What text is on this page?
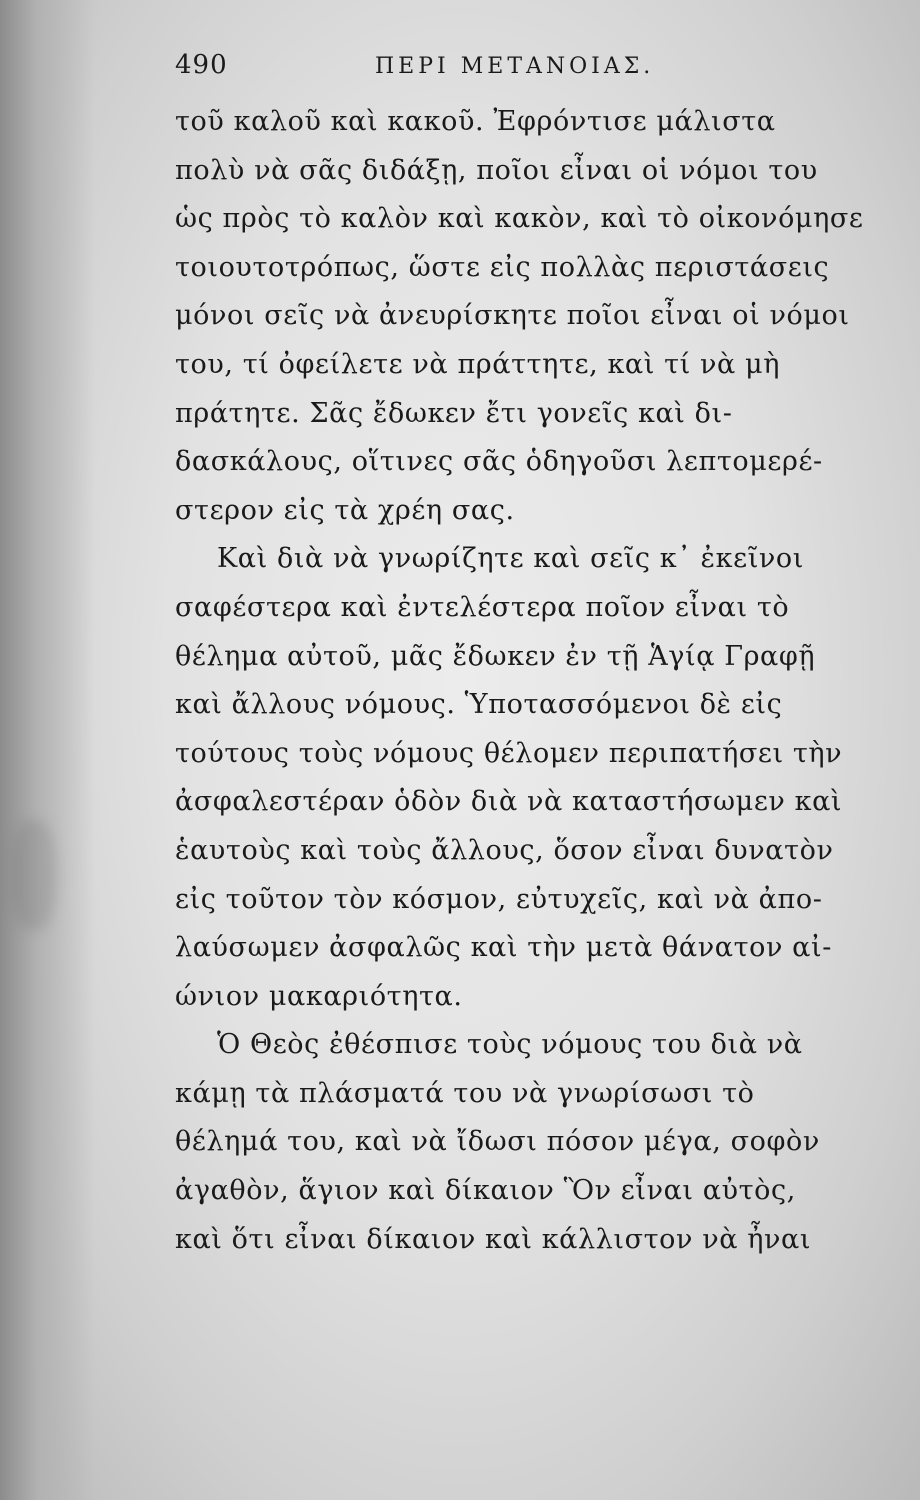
490	ΠΕΡΙ ΜΕΤΑΝΟΙΑΣ.

τοῦ καλοῦ καὶ κακοῦ. Ἐφρόντισε μάλιστα
πολὺ νὰ σᾶς διδάξῃ, ποῖοι εἶναι οἱ νόμοι του
ὡς πρὸς τὸ καλὸν καὶ κακὸν, καὶ τὸ οἰκονόμησε
τοιουτοτρόπως, ὥστε εἰς πολλὰς περιστάσεις
μόνοι σεῖς νὰ ἀνευρίσκητε ποῖοι εἶναι οἱ νόμοι
του, τί ὀφείλετε νὰ πράττητε, καὶ τί νὰ μὴ
πράτητε. Σᾶς ἔδωκεν ἔτι γονεῖς καὶ δι-
δασκάλους, οἵτινες σᾶς ὁδηγοῦσι λεπτομερέ-
στερον εἰς τὰ χρέη σας.

Καὶ διὰ νὰ γνωρίζητε καὶ σεῖς κ᾿ ἐκεῖνοι
σαφέστερα καὶ ἐντελέστερα ποῖον εἶναι τὸ
θέλημα αὐτοῦ, μᾶς ἔδωκεν ἐν τῇ Ἁγίᾳ Γραφῇ
καὶ ἄλλους νόμους. Ὑποτασσόμενοι δὲ εἰς
τούτους τοὺς νόμους θέλομεν περιπατήσει τὴν
ἀσφαλεστέραν ὁδὸν διὰ νὰ καταστήσωμεν καὶ
ἑαυτοὺς καὶ τοὺς ἄλλους, ὅσον εἶναι δυνατὸν
εἰς τοῦτον τὸν κόσμον, εὐτυχεῖς, καὶ νὰ ἀπο-
λαύσωμεν ἀσφαλῶς καὶ τὴν μετὰ θάνατον αἰ-
ώνιον μακαριότητα.

Ὁ Θεὸς ἐθέσπισε τοὺς νόμους του διὰ νὰ
κάμῃ τὰ πλάσματά του νὰ γνωρίσωσι τὸ
θέλημά του, καὶ νὰ ἴδωσι πόσον μέγα, σοφὸν
ἀγαθὸν, ἅγιον καὶ δίκαιον Ὃν εἶναι αὐτὸς,
καὶ ὅτι εἶναι δίκαιον καὶ κάλλιστον νὰ ἦναι
